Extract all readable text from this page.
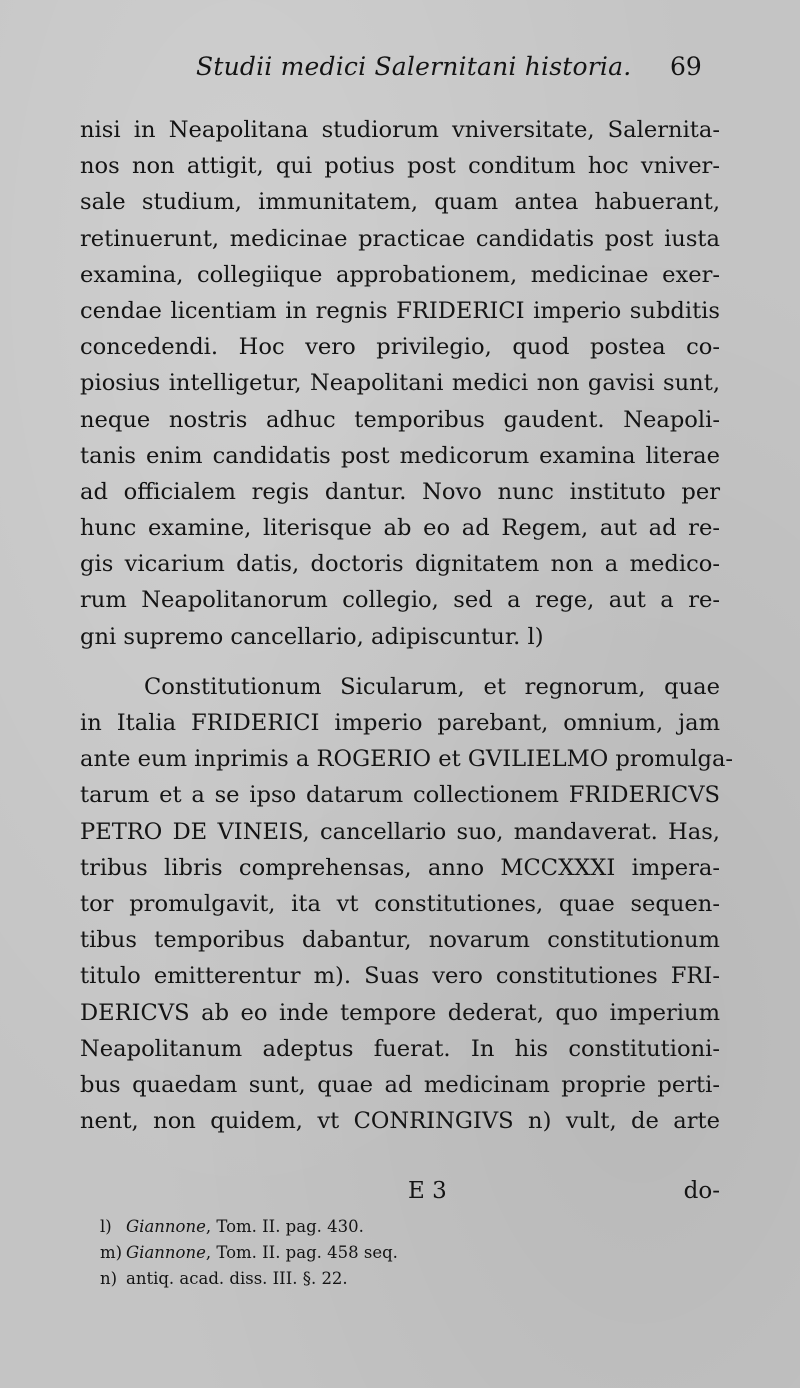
Studii medici Salernitani historia. 69
nisi in Neapolitana studiorum vniversitate, Salernita-
nos non attigit, qui potius post conditum hoc vniver-
sale studium, immunitatem, quam antea habuerant,
retinuerunt, medicinae practicae candidatis post iusta
examina, collegiique approbationem, medicinae exer-
cendae licentiam in regnis FRIDERICI imperio subditis
concedendi. Hoc vero privilegio, quod postea co-
piosius intelligetur, Neapolitani medici non gavisi sunt,
neque nostris adhuc temporibus gaudent. Neapoli-
tanis enim candidatis post medicorum examina literae
ad officialem regis dantur. Novo nunc instituto per
hunc examine, literisque ab eo ad Regem, aut ad re-
gis vicarium datis, doctoris dignitatem non a medico-
rum Neapolitanorum collegio, sed a rege, aut a re-
gni supremo cancellario, adipiscuntur. l)
Constitutionum Sicularum, et regnorum, quae
in Italia FRIDERICI imperio parebant, omnium, jam
ante eum inprimis a ROGERIO et GVILIELMO promulga-
tarum et a se ipso datarum collectionem FRIDERICVS
PETRO DE VINEIS, cancellario suo, mandaverat. Has,
tribus libris comprehensas, anno MCCXXXI impera-
tor promulgavit, ita vt constitutiones, quae sequen-
tibus temporibus dabantur, novarum constitutionum
titulo emitterentur m). Suas vero constitutiones FRI-
DERICVS ab eo inde tempore dederat, quo imperium
Neapolitanum adeptus fuerat. In his constitutioni-
bus quaedam sunt, quae ad medicinam proprie perti-
nent, non quidem, vt CONRINGIVS n) vult, de arte
E 3	do-
l) Giannone, Tom. II. pag. 430.
m) Giannone, Tom. II. pag. 458 seq.
n) antiq. acad. diss. III. §. 22.
